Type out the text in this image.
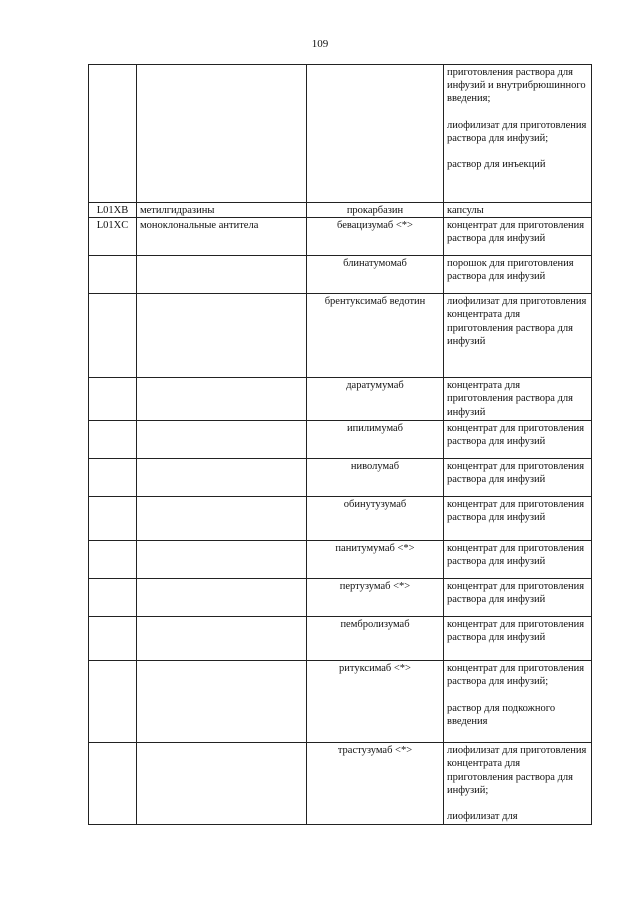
109

			приготовления раствора для инфузий и внутрибрюшинного введения;
лиофилизат для приготовления раствора для инфузий;
раствор для инъекций

L01XB	метилгидразины	прокарбазин	капсулы

L01XC	моноклональные антитела	бевацизумаб <*>	концентрат для приготовления раствора для инфузий

		блинатумомаб	порошок для приготовления раствора для инфузий

		брентуксимаб ведотин	лиофилизат для приготовления концентрата для приготовления раствора для инфузий

		даратумумаб	концентрата для приготовления раствора для инфузий

		ипилимумаб	концентрат для приготовления раствора для инфузий

		ниволумаб	концентрат для приготовления раствора для инфузий

		обинутузумаб	концентрат для приготовления раствора для инфузий

		панитумумаб <*>	концентрат для приготовления раствора для инфузий

		пертузумаб <*>	концентрат для приготовления раствора для инфузий

		пембролизумаб	концентрат для приготовления раствора для инфузий

		ритуксимаб <*>	концентрат для приготовления раствора для инфузий;
раствор для подкожного введения

		трастузумаб <*>	лиофилизат для приготовления концентрата для приготовления раствора для инфузий;
лиофилизат для
